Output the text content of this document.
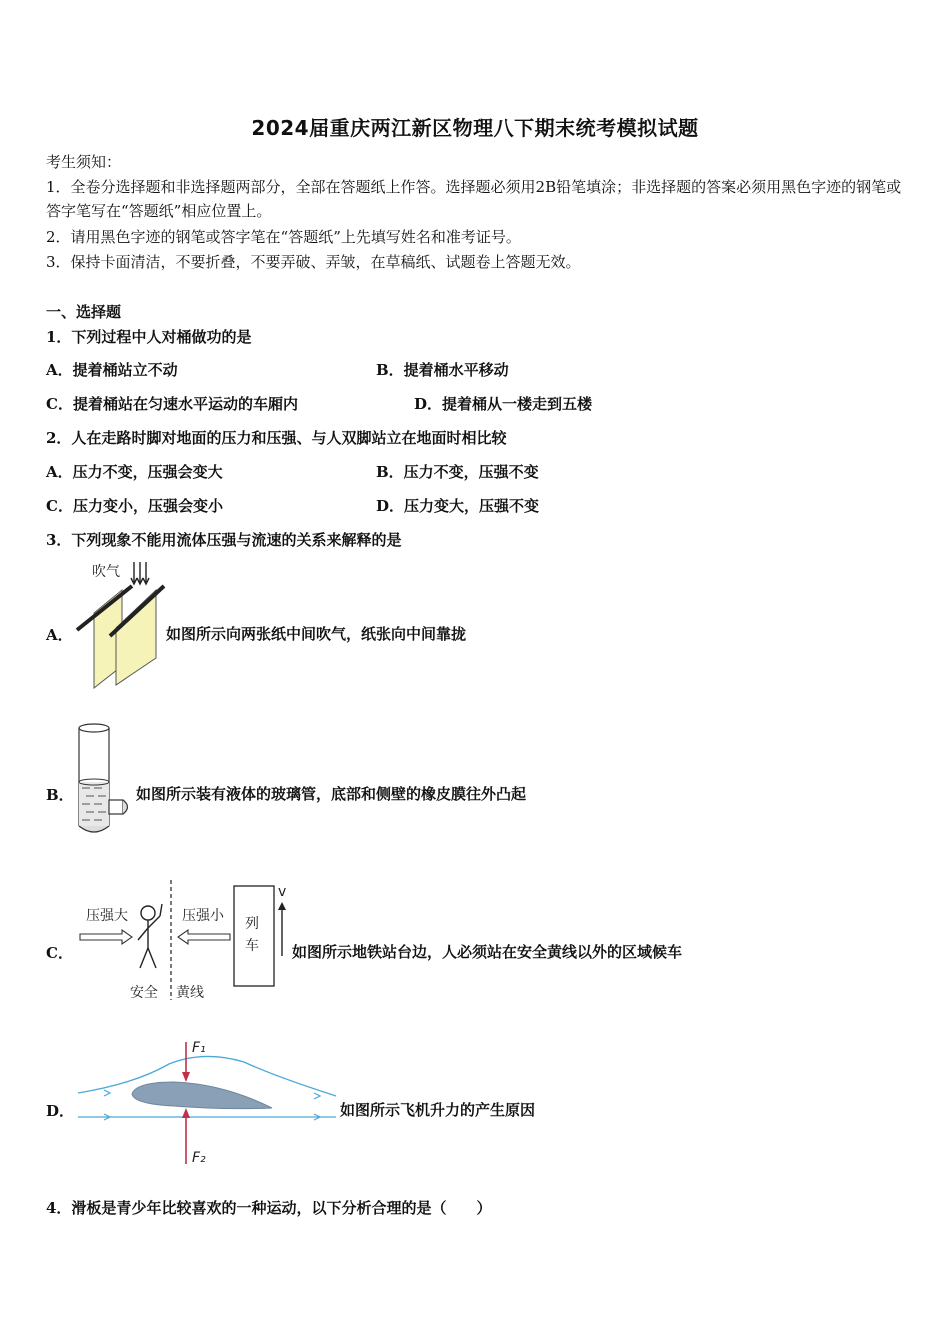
2024届重庆两江新区物理八下期末统考模拟试题
考生须知：
1．全卷分选择题和非选择题两部分，全部在答题纸上作答。选择题必须用2B铅笔填涂；非选择题的答案必须用黑色字迹的钢笔或答字笔写在“答题纸”相应位置上。
2．请用黑色字迹的钢笔或答字笔在“答题纸”上先填写姓名和准考证号。
3．保持卡面清洁，不要折叠，不要弄破、弄皱，在草稿纸、试题卷上答题无效。
一、选择题
1．下列过程中人对桶做功的是
A．提着桶站立不动	B．提着桶水平移动
C．提着桶站在匀速水平运动的车厢内	D．提着桶从一楼走到五楼
2．人在走路时脚对地面的压力和压强、与人双脚站立在地面时相比较
A．压力不变，压强会变大	B．压力不变，压强不变
C．压力变小，压强会变小	D．压力变大，压强不变
3．下列现象不能用流体压强与流速的关系来解释的是
A．
吹气
如图所示向两张纸中间吹气，纸张向中间靠拢
B．	如图所示装有液体的玻璃管，底部和侧壁的橡皮膜往外凸起
C．
压强大	压强小 列
车
v
安全 黄线
如图所示地铁站台边，人必须站在安全黄线以外的区域候车
D．
F₁
F₂
如图所示飞机升力的产生原因
4．滑板是青少年比较喜欢的一种运动，以下分析合理的是（　　）
